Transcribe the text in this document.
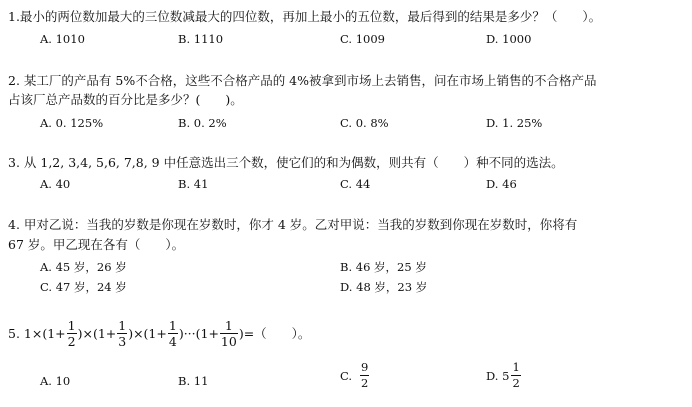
1.最小的两位数加最大的三位数减最大的四位数，再加上最小的五位数，最后得到的结果是多少？（　　）。
A. 1010	B. 1110	C. 1009	D. 1000
2. 某工厂的产品有 5%不合格，这些不合格产品的 4%被拿到市场上去销售，问在市场上销售的不合格产品
占该厂总产品数的百分比是多少？(　　)。
A. 0. 125%	B. 0. 2%	C. 0. 8%	D. 1. 25%
3. 从 1,2, 3,4, 5,6, 7,8, 9 中任意选出三个数，使它们的和为偶数，则共有（　　）种不同的选法。
A. 40	B. 41	C. 44	D. 46
4. 甲对乙说：当我的岁数是你现在岁数时，你才 4 岁。乙对甲说：当我的岁数到你现在岁数时，你将有
67 岁。甲乙现在各有（　　）。
A. 45 岁，26 岁	B. 46 岁，25 岁
C. 47 岁，24 岁	D. 48 岁，23 岁
5. $1\times(1+ \frac{1}{2} )\times(1+ \frac{1}{3} )\times(1+ \frac{1}{4} )\cdot\cdot\cdot(1+ \frac{1}{10}$ )=（　　）。
A. 10	B. 11	C. $\frac{9}{2}$	D. $5 \frac{1}{2}$
